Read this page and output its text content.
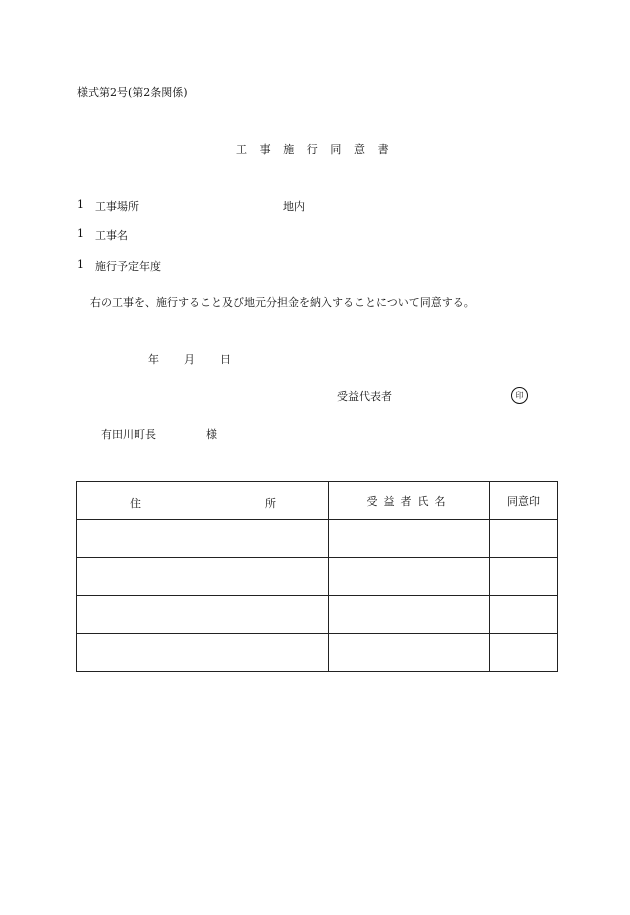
様式第2号(第2条関係)
工事施行同意書
1 工事場所	地内
1 工事名
1 施行予定年度
右の工事を、施行すること及び地元分担金を納入することについて同意する。
年 月 日
受益代表者	印
有田川町長	様
住 所	受益者氏名	同意印
